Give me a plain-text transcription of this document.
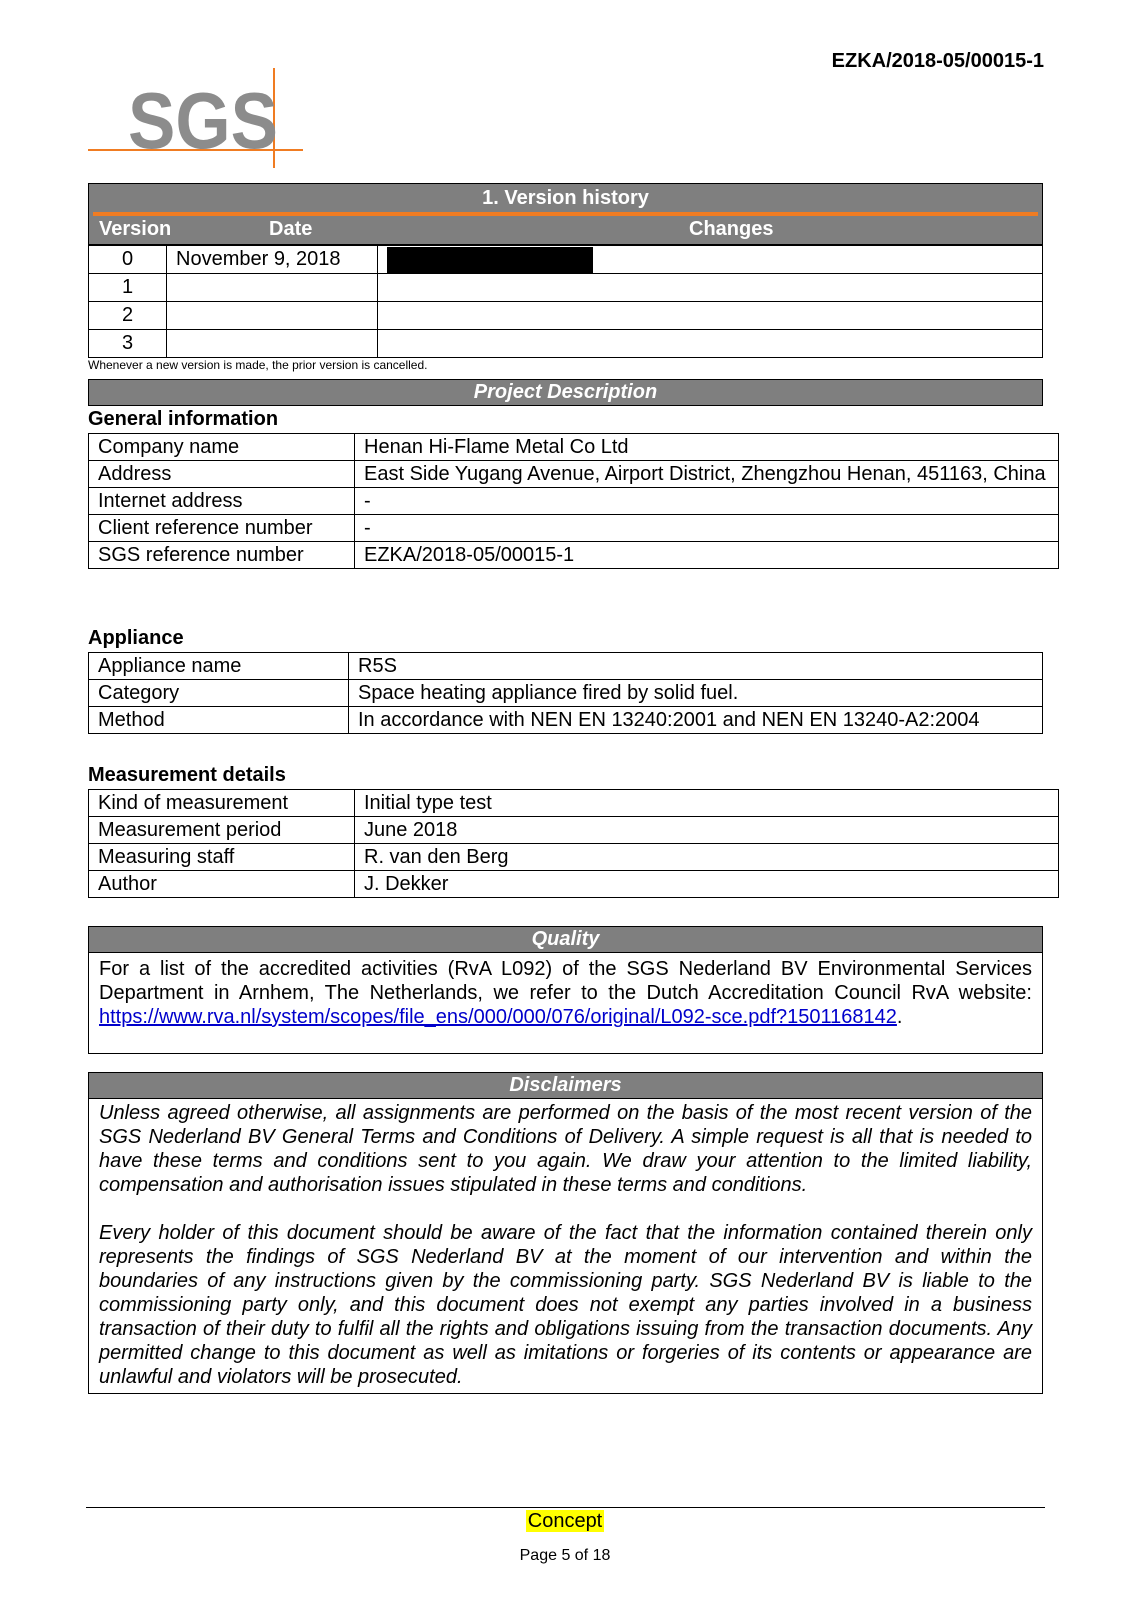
EZKA/2018-05/00015-1
SGS
1. Version history
Version	Date	Changes
0	November 9, 2018	
1		
2		
3		
Whenever a new version is made, the prior version is cancelled.
Project Description
General information
Company name	Henan Hi-Flame Metal Co Ltd
Address	East Side Yugang Avenue, Airport District, Zhengzhou Henan, 451163, China
Internet address	-
Client reference number	-
SGS reference number	EZKA/2018-05/00015-1
Appliance
Appliance name	R5S
Category	Space heating appliance fired by solid fuel.
Method	In accordance with NEN EN 13240:2001 and NEN EN 13240-A2:2004
Measurement details
Kind of measurement	Initial type test
Measurement period	June 2018
Measuring staff	R. van den Berg
Author	J. Dekker
Quality
For a list of the accredited activities (RvA L092) of the SGS Nederland BV Environmental Services Department in Arnhem, The Netherlands, we refer to the Dutch Accreditation Council RvA website: https://www.rva.nl/system/scopes/file_ens/000/000/076/original/L092-sce.pdf?1501168142.
Disclaimers

Unless agreed otherwise, all assignments are performed on the basis of the most recent version of the SGS Nederland BV General Terms and Conditions of Delivery. A simple request is all that is needed to have these terms and conditions sent to you again. We draw your attention to the limited liability, compensation and authorisation issues stipulated in these terms and conditions.

Every holder of this document should be aware of the fact that the information contained therein only represents the findings of SGS Nederland BV at the moment of our intervention and within the boundaries of any instructions given by the commissioning party. SGS Nederland BV is liable to the commissioning party only, and this document does not exempt any parties involved in a business transaction of their duty to fulfil all the rights and obligations issuing from the transaction documents. Any permitted change to this document as well as imitations or forgeries of its contents or appearance are unlawful and violators will be prosecuted.

Concept
Page 5 of 18
